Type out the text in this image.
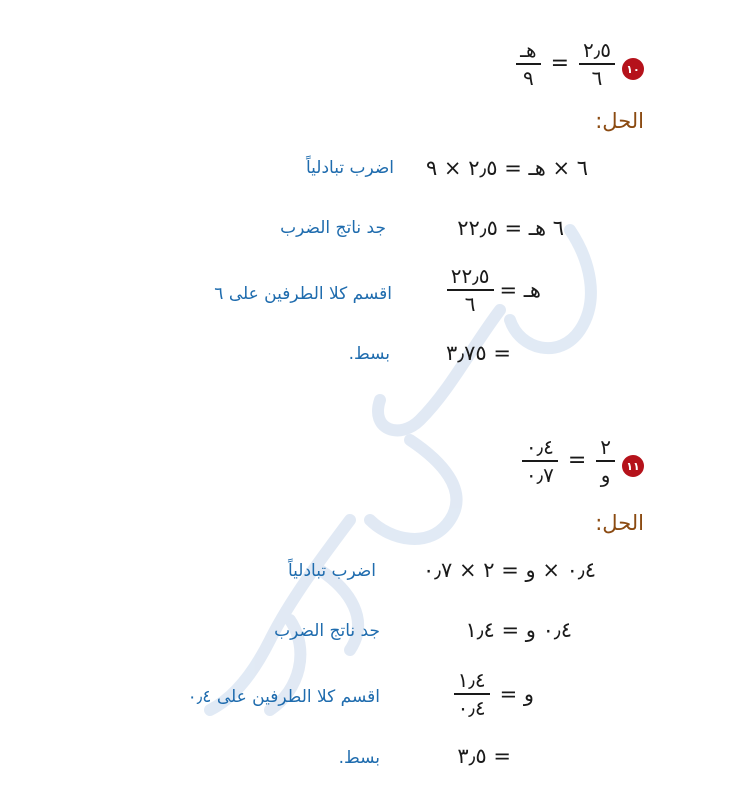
١٠
$\frac{٢٫٥}{٦}$
=
$\frac{\text{هـ}}{٩}$
الحل:
٦ × هـ = ٢٫٥ × ٩
اضرب تبادلياً
٦ هـ = ٢٢٫٥
جد ناتج الضرب
هـ =
$\frac{٢٢٫٥}{٦}$
اقسم كلا الطرفين على ٦
= ٣٫٧٥
بسط.
١١
$\frac{٢}{\text{و}}$
=
$\frac{٠٫٤}{٠٫٧}$
الحل:
٠٫٤ × و = ٢ × ٠٫٧
اضرب تبادلياً
٠٫٤ و = ١٫٤
جد ناتج الضرب
و =
$\frac{١٫٤}{٠٫٤}$
اقسم كلا الطرفين على ٠٫٤
= ٣٫٥
بسط.
